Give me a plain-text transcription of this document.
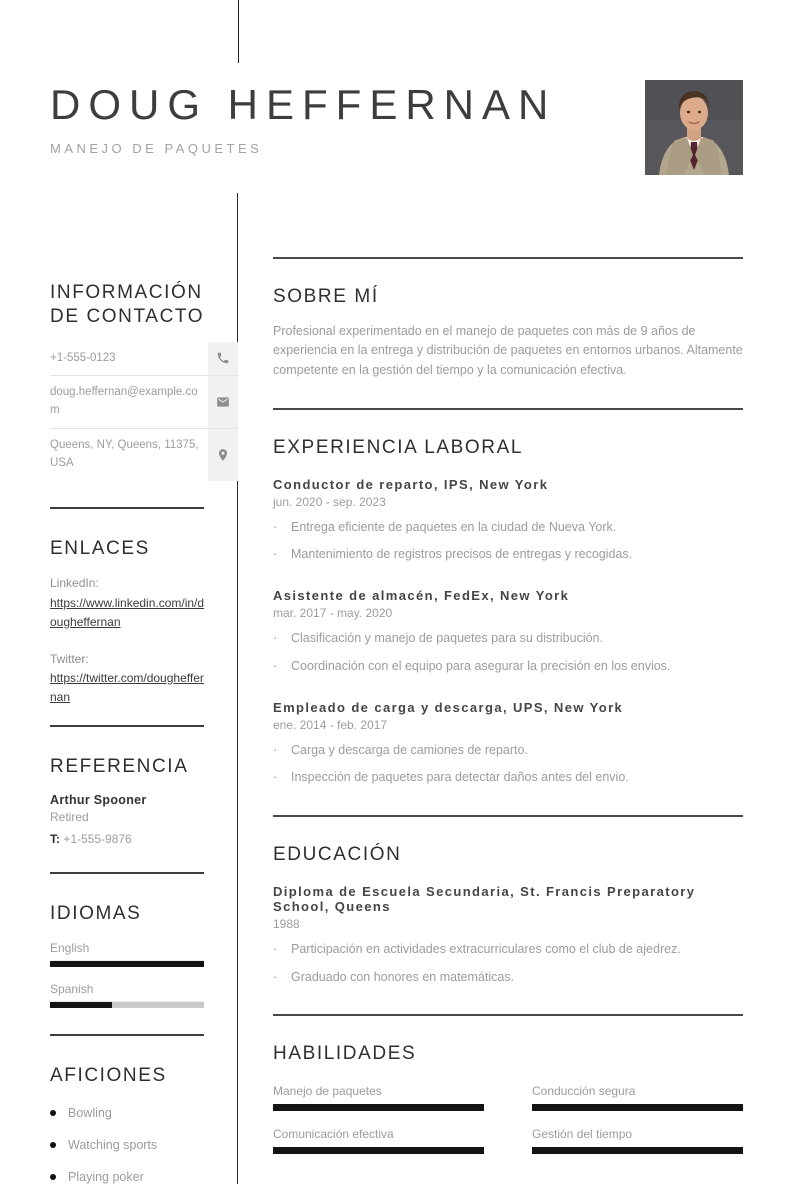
DOUG HEFFERNAN
MANEJO DE PAQUETES
INFORMACIÓN DE CONTACTO
+1-555-0123
doug.heffernan@example.com
Queens, NY, Queens, 11375, USA
ENLACES
LinkedIn:
https://www.linkedin.com/in/dougheffernan
Twitter:
https://twitter.com/dougheffernan
REFERENCIA
Arthur Spooner
Retired
T: +1-555-9876
IDIOMAS
English
Spanish
AFICIONES
Bowling
Watching sports
Playing poker
SOBRE MÍ

Profesional experimentado en el manejo de paquetes con más de 9 años de experiencia en la entrega y distribución de paquetes en entornos urbanos. Altamente competente en la gestión del tiempo y la comunicación efectiva.

EXPERIENCIA LABORAL
Conductor de reparto, IPS, New York
jun. 2020 - sep. 2023
·	Entrega eficiente de paquetes en la ciudad de Nueva York.
·	Mantenimiento de registros precisos de entregas y recogidas.
Asistente de almacén, FedEx, New York
mar. 2017 - may. 2020
·	Clasificación y manejo de paquetes para su distribución.
·	Coordinación con el equipo para asegurar la precisión en los envios.
Empleado de carga y descarga, UPS, New York
ene. 2014 - feb. 2017
·	Carga y descarga de camiones de reparto.
·	Inspección de paquetes para detectar daños antes del envio.
EDUCACIÓN
Diploma de Escuela Secundaria, St. Francis Preparatory School, Queens
1988
·	Participación en actividades extracurriculares como el club de ajedrez.
·	Graduado con honores en matemáticas.
HABILIDADES
Manejo de paquetes	Conducción segura
Comunicación efectiva	Gestión del tiempo
